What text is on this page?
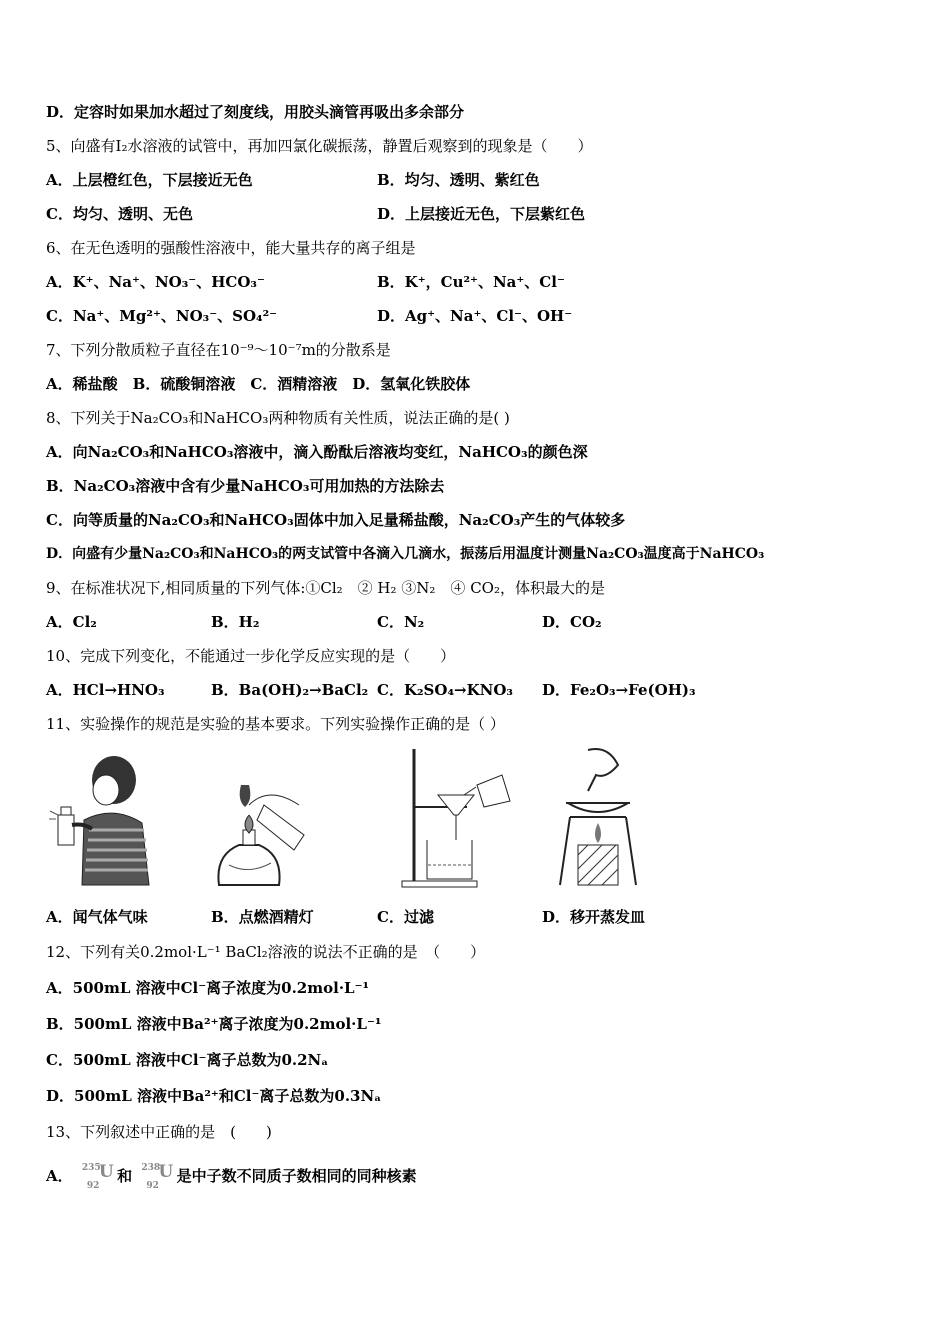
D．定容时如果加水超过了刻度线，用胶头滴管再吸出多余部分
5、向盛有I₂水溶液的试管中，再加四氯化碳振荡，静置后观察到的现象是（　　）
A．上层橙红色，下层接近无色	B．均匀、透明、紫红色
C．均匀、透明、无色	D．上层接近无色，下层紫红色
6、在无色透明的强酸性溶液中，能大量共存的离子组是
A．K⁺、Na⁺、NO₃⁻、HCO₃⁻	B．K⁺，Cu²⁺、Na⁺、Cl⁻
C．Na⁺、Mg²⁺、NO₃⁻、SO₄²⁻	D．Ag⁺、Na⁺、Cl⁻、OH⁻
7、下列分散质粒子直径在10⁻⁹～10⁻⁷m的分散系是
A．稀盐酸　B．硫酸铜溶液　C．酒精溶液　D．氢氧化铁胶体
8、下列关于Na₂CO₃和NaHCO₃两种物质有关性质，说法正确的是( )
A．向Na₂CO₃和NaHCO₃溶液中，滴入酚酞后溶液均变红，NaHCO₃的颜色深
B．Na₂CO₃溶液中含有少量NaHCO₃可用加热的方法除去
C．向等质量的Na₂CO₃和NaHCO₃固体中加入足量稀盐酸，Na₂CO₃产生的气体较多
D．向盛有少量Na₂CO₃和NaHCO₃的两支试管中各滴入几滴水，振荡后用温度计测量Na₂CO₃温度高于NaHCO₃
9、在标准状况下,相同质量的下列气体:①Cl₂　② H₂ ③N₂　④ CO₂，体积最大的是
A．Cl₂	B．H₂	C．N₂	D．CO₂
10、完成下列变化，不能通过一步化学反应实现的是（　　）
A．HCl→HNO₃	B．Ba(OH)₂→BaCl₂ C．K₂SO₄→KNO₃ D．Fe₂O₃→Fe(OH)₃
11、实验操作的规范是实验的基本要求。下列实验操作正确的是（ ）
A．闻气体气味	B．点燃酒精灯	C．过滤	D．移开蒸发皿
12、下列有关0.2mol·L⁻¹ BaCl₂溶液的说法不正确的是　（　　）
A．500mL 溶液中Cl⁻离子浓度为0.2mol·L⁻¹
B．500mL 溶液中Ba²⁺离子浓度为0.2mol·L⁻¹
C．500mL 溶液中Cl⁻离子总数为0.2Nₐ
D．500mL 溶液中Ba²⁺和Cl⁻离子总数为0.3Nₐ
13、下列叙述中正确的是　(　　)
A． 235
92
U 和 238
92
U 是中子数不同质子数相同的同种核素
